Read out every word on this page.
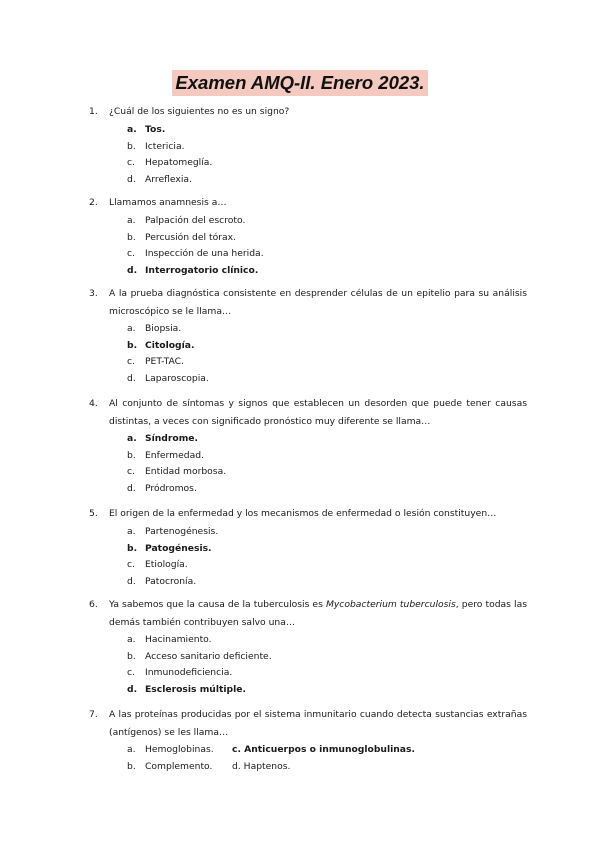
Examen AMQ-II. Enero 2023.
1. ¿Cuál de los siguientes no es un signo?

a. Tos.
b. Ictericia.
c. Hepatomeglía.
d. Arreflexia.
2. Llamamos anamnesis a…

a. Palpación del escroto.
b. Percusión del tórax.
c. Inspección de una herida.
d. Interrogatorio clínico.
3. A la prueba diagnóstica consistente en desprender células de un epitelio para su análisis microscópico se le llama…

a. Biopsia.
b. Citología.
c. PET-TAC.
d. Laparoscopia.
4. Al conjunto de síntomas y signos que establecen un desorden que puede tener causas distintas, a veces con significado pronóstico muy diferente se llama…

a. Síndrome.
b. Enfermedad.
c. Entidad morbosa.
d. Pródromos.
5. El origen de la enfermedad y los mecanismos de enfermedad o lesión constituyen…

a. Partenogénesis.
b. Patogénesis.
c. Etiología.
d. Patocronía.
6. Ya sabemos que la causa de la tuberculosis es Mycobacterium tuberculosis, pero todas las demás también contribuyen salvo una…

a. Hacinamiento.
b. Acceso sanitario deficiente.
c. Inmunodeficiencia.
d. Esclerosis múltiple.
7. A las proteínas producidas por el sistema inmunitario cuando detecta sustancias extrañas (antígenos) se les llama…

a. Hemoglobinas. c. Anticuerpos o inmunoglobulinas.
b. Complemento. d. Haptenos.
